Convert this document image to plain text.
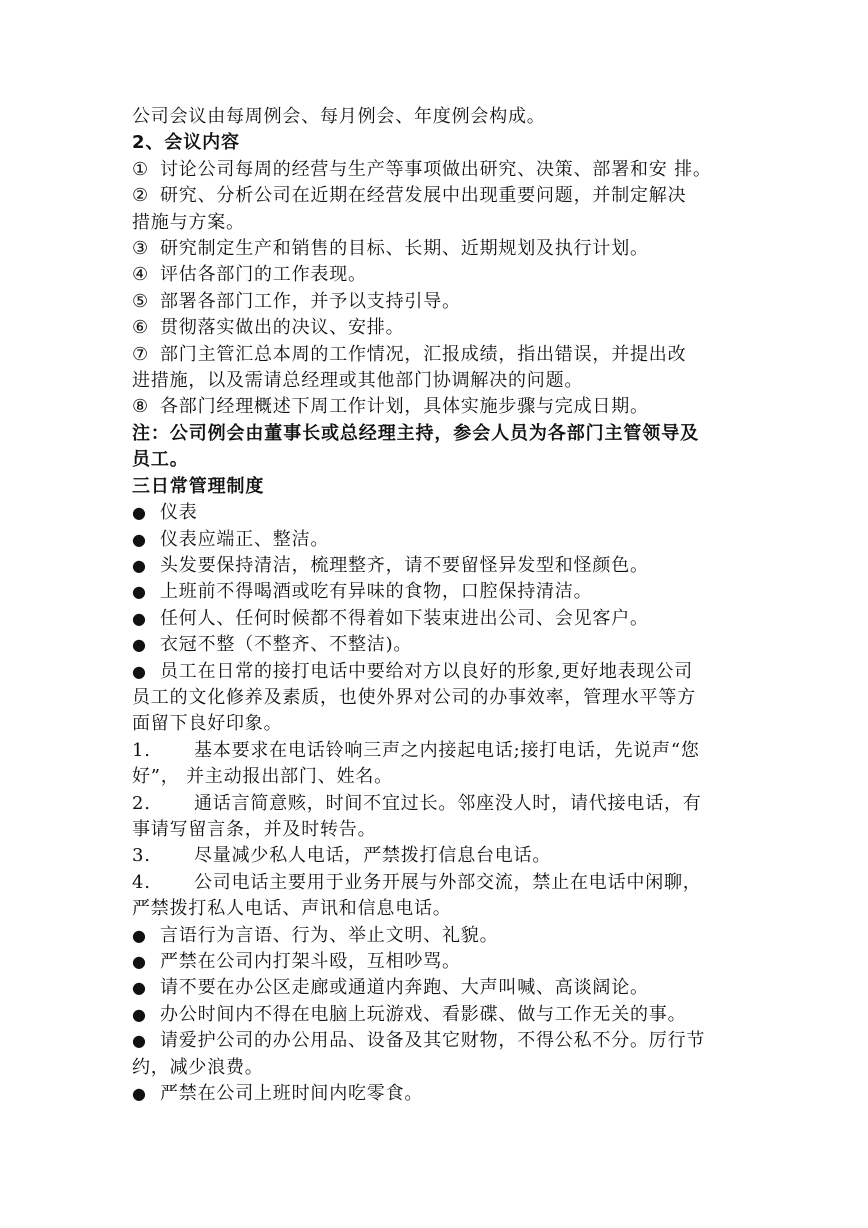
公司会议由每周例会、每月例会、年度例会构成。
2、会议内容
① 讨论公司每周的经营与生产等事项做出研究、决策、部署和安 排。
② 研究、分析公司在近期在经营发展中出现重要问题，并制定解决
措施与方案。
③ 研究制定生产和销售的目标、长期、近期规划及执行计划。
④ 评估各部门的工作表现。
⑤ 部署各部门工作，并予以支持引导。
⑥ 贯彻落实做出的决议、安排。
⑦ 部门主管汇总本周的工作情况，汇报成绩，指出错误，并提出改
进措施，以及需请总经理或其他部门协调解决的问题。
⑧ 各部门经理概述下周工作计划，具体实施步骤与完成日期。
注：公司例会由董事长或总经理主持，参会人员为各部门主管领导及
员工。
三日常管理制度
● 仪表
● 仪表应端正、整洁。
● 头发要保持清洁，梳理整齐，请不要留怪异发型和怪颜色。
● 上班前不得喝酒或吃有异味的食物，口腔保持清洁。
● 任何人、任何时候都不得着如下装束进出公司、会见客户。
● 衣冠不整（不整齐、不整洁)。
● 员工在日常的接打电话中要给对方以良好的形象,更好地表现公司
员工的文化修养及素质，也使外界对公司的办事效率，管理水平等方
面留下良好印象。
1. 基本要求在电话铃响三声之内接起电话;接打电话，先说声“您
好”， 并主动报出部门、姓名。
2. 通话言简意赅，时间不宜过长。邻座没人时，请代接电话，有
事请写留言条，并及时转告。
3. 尽量减少私人电话，严禁拨打信息台电话。
4. 公司电话主要用于业务开展与外部交流，禁止在电话中闲聊，
严禁拨打私人电话、声讯和信息电话。
● 言语行为言语、行为、举止文明、礼貌。
● 严禁在公司内打架斗殴，互相吵骂。
● 请不要在办公区走廊或通道内奔跑、大声叫喊、高谈阔论。
● 办公时间内不得在电脑上玩游戏、看影碟、做与工作无关的事。
● 请爱护公司的办公用品、设备及其它财物，不得公私不分。厉行节
约，减少浪费。
● 严禁在公司上班时间内吃零食。
